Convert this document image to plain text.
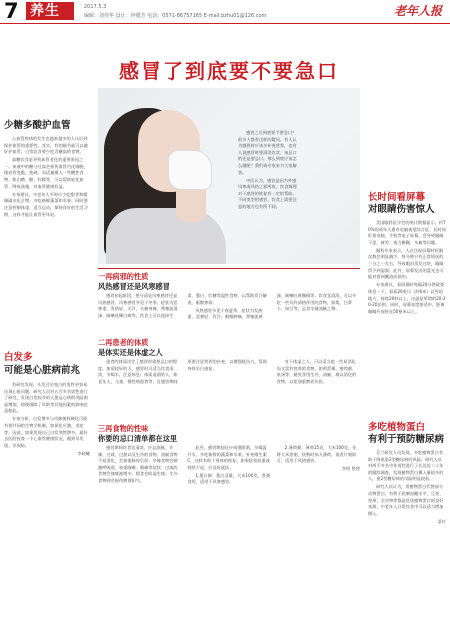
7 养生	2017.5.3
编辑：刘伟华 设计：钟腊芳 电话：0571-86757165 E-mail:bzhu01@126.com	老年人报
少糖多酸护血管

心血管疾病的发生也越来越多的人认识到保护血管的重要性。其实，有的细节就可以做好护血管。日常饮食要少吃含糖高的食物。

高糖饮食是导致血管老化的重要原因之一。血液中的糖分过高会损伤血管内皮细胞，使血管变脆、变硬。而适量摄入一些酸性食物，如山楂、醋、柠檬等，可以帮助软化血管、降低血脂，对血管健康有益。

专家建议，中老年人平时应少吃甜食和精制碳水化合物，多吃新鲜蔬菜和水果。同时要注意控制体重，适当运动，保持良好的生活习惯，这样才能让血管更年轻。

白发多
可能是心脏病前兆

有研究发现，头发过早变白的男性更容易出现心脏问题。研究人员对五百多名男性进行了研究，发现白发较多的人患冠心病的风险明显增加，即使排除了年龄等其他因素的影响也是如此。

专家分析，白发增多与动脉粥样硬化可能有着共同的生物学机制，如氧化应激、炎症等。因此，如果发现自己白发突然增多，最好去医院检查一下心血管健康状况，做到早发现、早预防。

李晓曦
感冒了到底要不要急口

感冒之后到底要不要急口？很多人都有这样的疑问。有人认为感冒时应该多补充营养，也有人说感冒时要清淡饮食，该忌口的还是要忌口。那么到底应该怎么做呢？我们请专家来为大家解答。

中医认为，感冒是因为外感风寒或风热之邪所致，饮食调理对于感冒的恢复有一定的帮助。不同类型的感冒，饮食上需要注意的地方也有所不同。

一再病邪的性质
风热感冒还是风寒感冒

感冒初起阶段，要分清是风寒感冒还是风热感冒。风寒感冒多见于冬季，症状为恶寒重、发热轻、无汗、头痛身痛、鼻塞流清涕、咳嗽吐稀白痰等。饮食上可以选择生姜、葱白、红糖等温性食物，以帮助发汗解表，驱散寒邪。

风热感冒多见于春夏季，症状为发热重、恶寒轻、有汗、咽喉肿痛、鼻塞流黄涕、咳嗽吐黄稠痰等。饮食宜清淡，可以多吃一些具有清热作用的食物，如梨、白萝卜、绿豆等，忌食辛辣油腻之物。

二再患者的体质
是体实还是体虚之人

患者的体质决定了感冒时需要忌口的程度。体质较好的人，感冒时可适当饮食清淡，多喝水，注意休息；体质虚弱的人，如老年人、儿童、慢性病患者等，在感冒期间更要注意营养的补充，以增强抵抗力，帮助身体早日康复。

对于体虚之人，可以适当吃一些易消化而又富有营养的食物，如鸡蛋羹、瘦肉粥、鱼汤等，避免食用生冷、油腻、难以消化的食物，以免加重脾胃负担。

三再食物的性味
你要的忌口清单都在这里

感冒期间饮食宜清淡，应忌油腻、辛辣、过咸、过甜以及生冷的食物。油腻食物不易消化，会加重肠胃负担；辛辣食物会刺激呼吸道，加重咳嗽、咽痛等症状；过咸的食物会使痰液增多；甜食会助湿生痰；生冷食物则会损伤脾胃阳气。

此外，感冒期间还应戒烟限酒，多喝温开水，多吃新鲜的蔬菜和水果，补充维生素C，这样有助于身体的恢复。如果症状较重或持续不退，应及时就医。

1.葱白粥：葱白适量，大米100克，煮粥食用，适用于风寒感冒。

2.薄荷粥：薄荷15克，大米100克，先将大米煮粥，快熟时加入薄荷，再煮片刻即可，适用于风热感冒。

李明 整理
长时间看屏幕
对眼睛伤害惊人

美国眼科医学会的统计数据显示，约70%的成年人患有电脑视觉综合征。长时间盯着电脑、手机等电子屏幕，会导致眼睛干涩、疲劳、视力模糊、头痛等问题。

眼科专家表示，人在注视屏幕时眨眼次数会明显减少，每分钟只有正常情况的三分之一左右，导致眼泪蒸发过快，眼睛得不到湿润。此外，屏幕发出的蓝光也可能对视网膜造成损伤。

专家建议，看屏幕时每隔20分钟就要休息一下，看看20英尺（约6米）以外的地方，持续20秒以上，这就是所谓的20-20-20法则。同时，屏幕亮度要适中，距离眼睛应保持在50厘米以上。

多吃植物蛋白
有利于预防糖尿病

芬兰研究人员发现，多吃植物蛋白有助于降低患2型糖尿病的风险。研究人员对两千多名中年男性进行了长达近二十年的跟踪调查，发现植物蛋白摄入量较多的人，患2型糖尿病的风险明显较低。

研究人员认为，用植物蛋白代替部分动物蛋白，有利于控制血糖水平。豆类、坚果、全谷物等都是优质植物蛋白的良好来源，中老年人日常饮食中可以适当增加摄入。

梁红
